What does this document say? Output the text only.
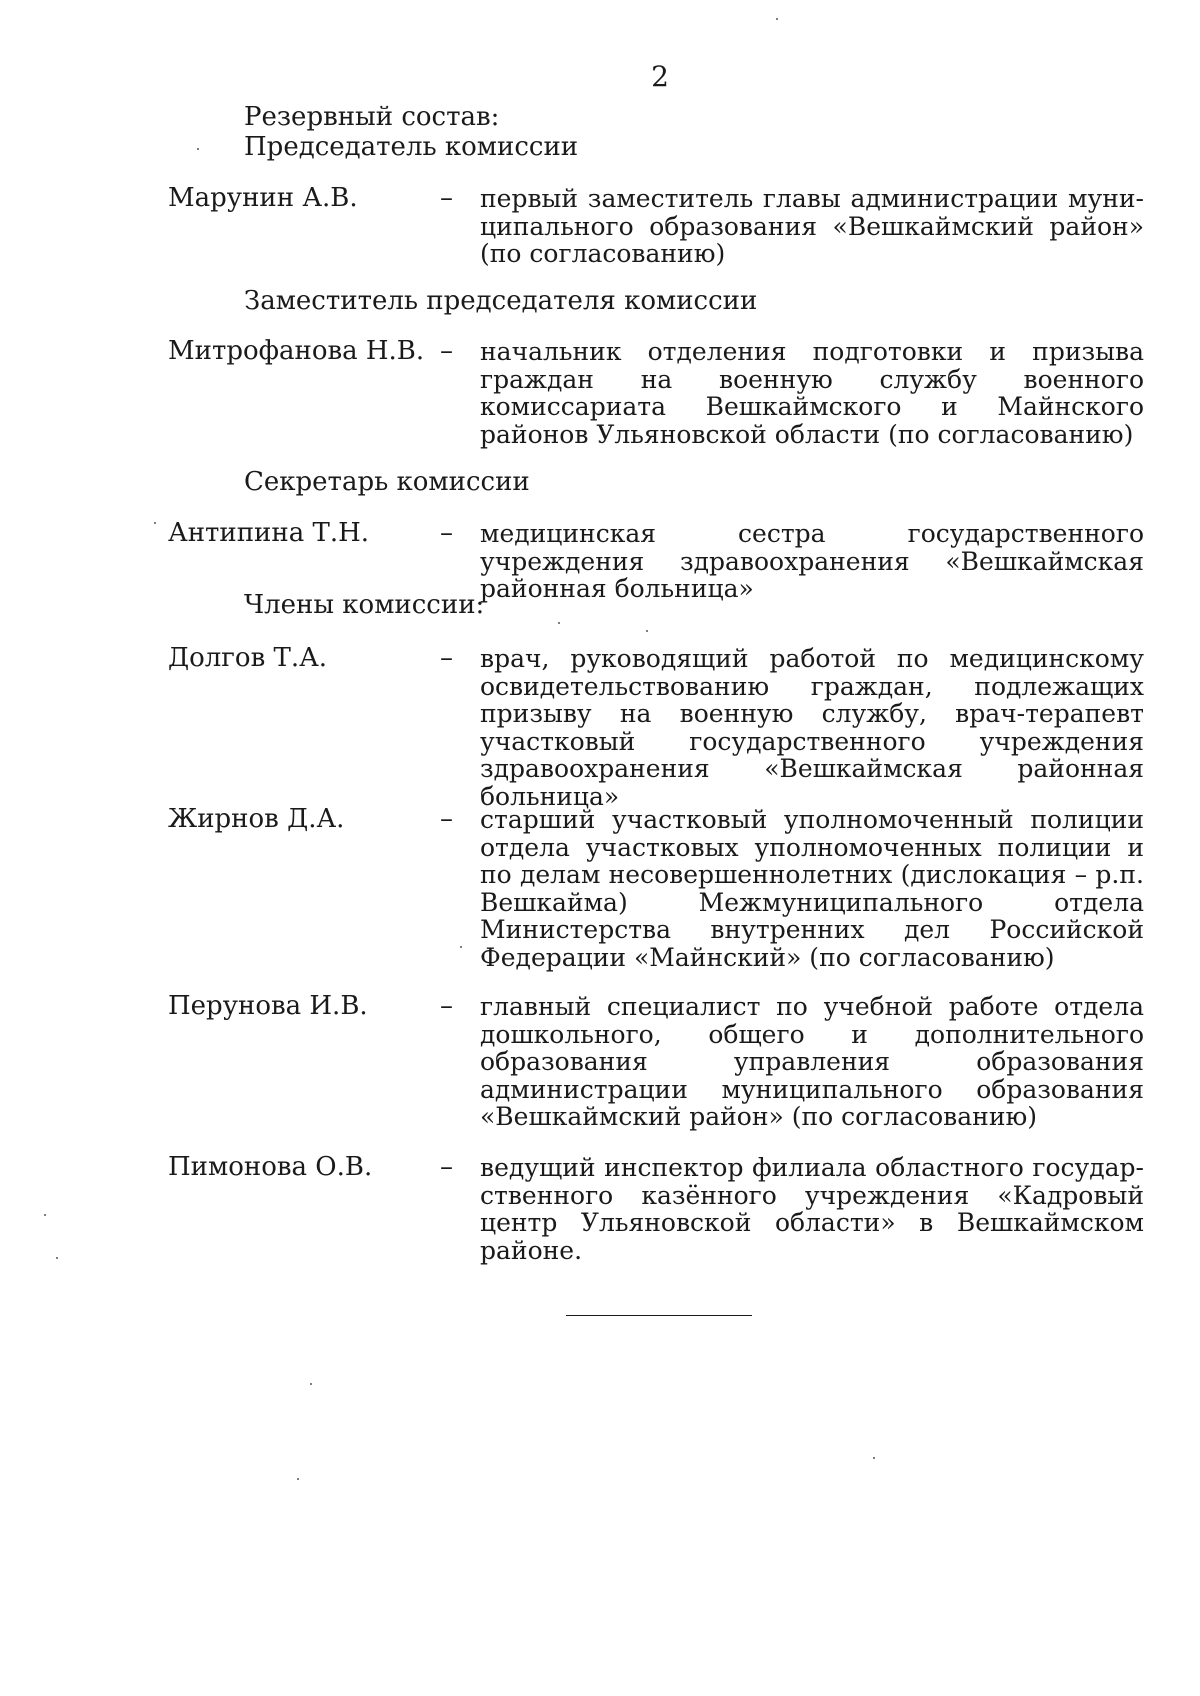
2
Резервный состав:
Председатель комиссии
Марунин А.В.	– первый заместитель главы администрации муниципального образования «Вешкаймский район» (по согласованию)
Заместитель председателя комиссии
Митрофанова Н.В. – начальник отделения подготовки и призыва граждан на военную службу военного комиссариата Вешкаймского и Майнского районов Ульяновской области (по согласованию)
Секретарь комиссии
Антипина Т.Н.	– медицинская сестра государственного учреждения здравоохранения «Вешкаймская районная больница»
Члены комиссии:
Долгов Т.А.	– врач, руководящий работой по медицинскому освидетельствованию граждан, подлежащих призыву на военную службу, врач-терапевт участковый государственного учреждения здравоохранения «Вешкаймская районная больница»
Жирнов Д.А.	– старший участковый уполномоченный полиции отдела участковых уполномоченных полиции и по делам несовершеннолетних (дислокация – р.п. Вешкайма) Межмуниципального отдела Министерства внутренних дел Российской Федерации «Майнский» (по согласованию)
Перунова И.В.	– главный специалист по учебной работе отдела дошкольного, общего и дополнительного образования управления образования администрации муниципального образования «Вешкаймский район» (по согласованию)
Пимонова О.В.	– ведущий инспектор филиала областного государственного казённого учреждения «Кадровый центр Ульяновской области» в Вешкаймском районе.
